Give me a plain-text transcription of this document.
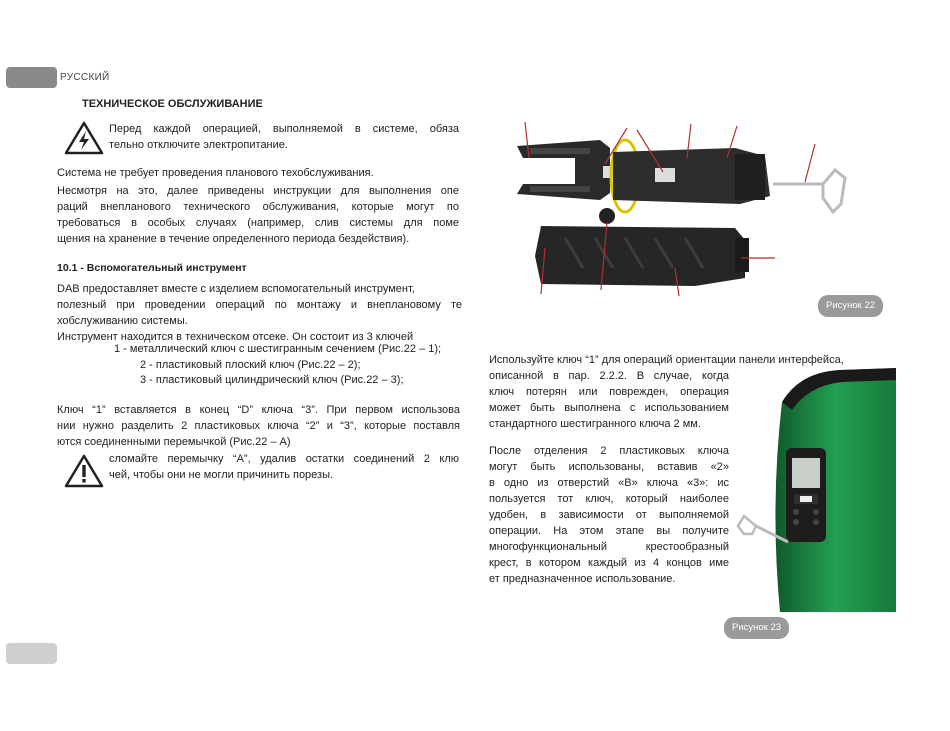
РУССКИЙ
ТЕХНИЧЕСКОЕ ОБСЛУЖИВАНИЕ
Перед каждой операцией, выполняемой в системе, обяза
тельно отключите электропитание.
Система не требует проведения планового техобслуживания.
Несмотря на это, далее приведены инструкции для выполнения опе
раций внепланового технического обслуживания, которые могут по
требоваться в особых случаях (например, слив системы для поме
щения на хранение в течение определенного периода бездействия).
10.1 - Вспомогательный инструмент
DAB предоставляет вместе с изделием вспомогательный инструмент,
полезный при проведении операций по монтажу и внеплановому те
хобслуживанию системы.
Инструмент находится в техническом отсеке. Он состоит из 3 ключей
1 - металлический ключ с шестигранным сечением (Рис.22 – 1);
2 - пластиковый плоский ключ (Рис.22 – 2);
3 - пластиковый цилиндрический ключ (Рис.22 – 3);
Ключ “1” вставляется в конец “D” ключа “3”. При первом использова
нии нужно разделить 2 пластиковых ключа “2” и “3”, которые поставля
ются соединенными перемычкой (Рис.22 – А)
сломайте перемычку “А”, удалив остатки соединений 2 клю
чей, чтобы они не могли причинить порезы.
Рисунок 22
Используйте ключ “1” для операций ориентации панели интерфейса,
описанной в пар. 2.2.2. В случае, когда
ключ потерян или поврежден, операция
может быть выполнена с использованием
стандартного шестигранного ключа 2 мм.
После отделения 2 пластиковых ключа
могут быть использованы, вставив «2»
в одно из отверстий «B» ключа «3»: ис
пользуется тот ключ, который наиболее
удобен, в зависимости от выполняемой
операции. На этом этапе вы получите
многофункциональный крестообразный
крест, в котором каждый из 4 концов име
ет предназначенное использование.
Рисунок 23
